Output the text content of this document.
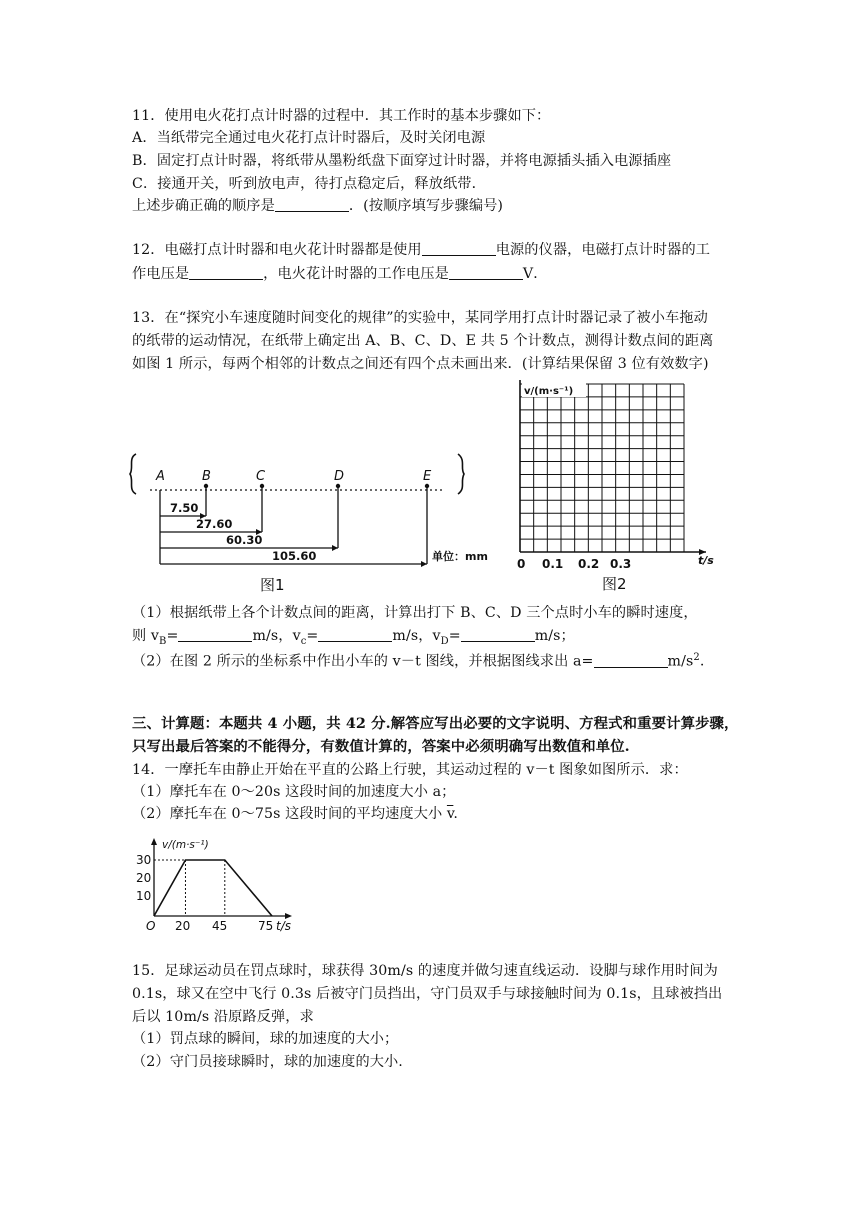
11．使用电火花打点计时器的过程中．其工作时的基本步骤如下：
A．当纸带完全通过电火花打点计时器后，及时关闭电源
B．固定打点计时器，将纸带从墨粉纸盘下面穿过计时器，并将电源插头插入电源插座
C．接通开关，听到放电声，待打点稳定后，释放纸带．
上述步确正确的顺序是	．(按顺序填写步骤编号)
12．电磁打点计时器和电火花计时器都是使用	电源的仪器，电磁打点计时器的工
作电压是	，电火花计时器的工作电压是	V．
13．在“探究小车速度随时间变化的规律”的实验中，某同学用打点计时器记录了被小车拖动
的纸带的运动情况，在纸带上确定出 A、B、C、D、E 共 5 个计数点，测得计数点间的距离
如图 1 所示，每两个相邻的计数点之间还有四个点未画出来．(计算结果保留 3 位有效数字)
A	B	C	D	E
7.50
27.60
60.30
105.60	单位：mm
图1
v/(m·s⁻¹)
0 0.1 0.2 0.3	t/s
图2
（1）根据纸带上各个计数点间的距离，计算出打下 B、C、D 三个点时小车的瞬时速度，
则 $v_B=$	m/s，$v_c=$	m/s，$v_D=$	m/s；
（2）在图 2 所示的坐标系中作出小车的 v－t 图线，并根据图线求出 a=	$m/s^2$.
三、计算题：本题共 4 小题，共 42 分.解答应写出必要的文字说明、方程式和重要计算步骤，
只写出最后答案的不能得分，有数值计算的，答案中必须明确写出数值和单位.
14．一摩托车由静止开始在平直的公路上行驶，其运动过程的 v－t 图象如图所示．求：
（1）摩托车在 0～20s 这段时间的加速度大小 a；
（2）摩托车在 0～75s 这段时间的平均速度大小 $\overline{v}$.
v/(m·s⁻¹)
30
20
10
O 20 45	75 t/s
15．足球运动员在罚点球时，球获得 30m/s 的速度并做匀速直线运动．设脚与球作用时间为
0.1s，球又在空中飞行 0.3s 后被守门员挡出，守门员双手与球接触时间为 0.1s，且球被挡出
后以 10m/s 沿原路反弹，求
（1）罚点球的瞬间，球的加速度的大小；
（2）守门员接球瞬时，球的加速度的大小.
